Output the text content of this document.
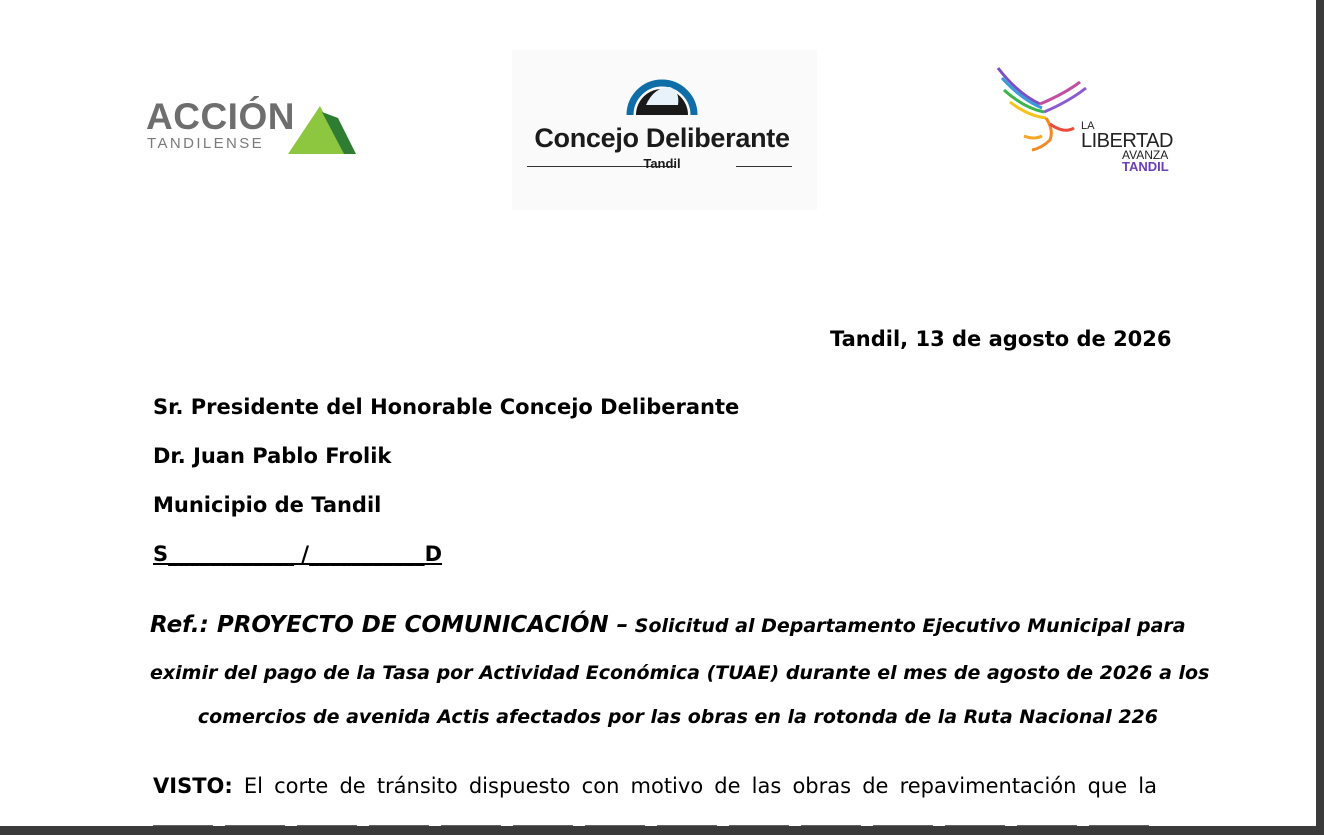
ACCIÓN
TANDILENSE	Concejo Deliberante
Tandil
LA
LIBERTAD
AVANZA
TANDIL
Tandil, 13 de agosto de 2026
Sr. Presidente del Honorable Concejo Deliberante
Dr. Juan Pablo Frolik
Municipio de Tandil
S____________ /___________D
Ref.: PROYECTO DE COMUNICACIÓN – Solicitud al Departamento Ejecutivo Municipal para
eximir del pago de la Tasa por Actividad Económica (TUAE) durante el mes de agosto de 2026 a los
comercios de avenida Actis afectados por las obras en la rotonda de la Ruta Nacional 226
VISTO: El corte de tránsito dispuesto con motivo de las obras de repavimentación que la
